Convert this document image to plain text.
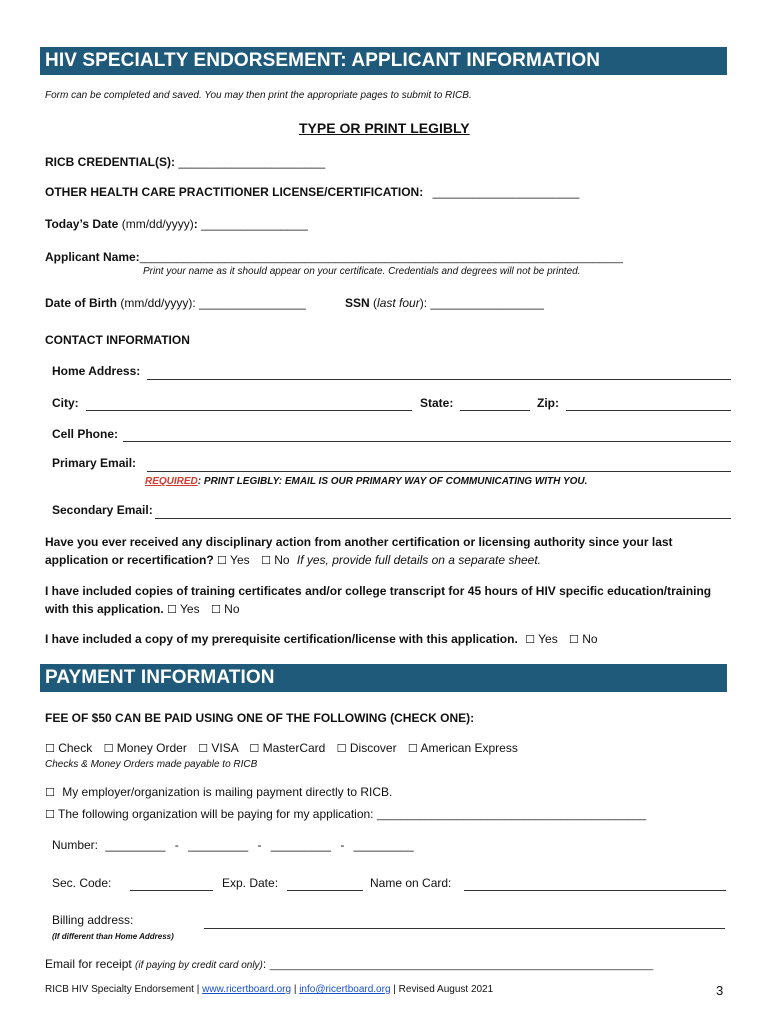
HIV SPECIALTY ENDORSEMENT: APPLICANT INFORMATION
Form can be completed and saved. You may then print the appropriate pages to submit to RICB.
TYPE OR PRINT LEGIBLY
RICB CREDENTIAL(S): ______________________
OTHER HEALTH CARE PRACTITIONER LICENSE/CERTIFICATION: ______________________
Today’s Date (mm/dd/yyyy): ________________
Applicant Name:_______________________________________________________________________________
Print your name as it should appear on your certificate. Credentials and degrees will not be printed.
Date of Birth (mm/dd/yyyy): ________________	SSN (last four): _________________
CONTACT INFORMATION
Home Address:
City:	State:	Zip:
Cell Phone:
Primary Email:
REQUIRED: PRINT LEGIBLY: EMAIL IS OUR PRIMARY WAY OF COMMUNICATING WITH YOU.
Secondary Email:
Have you ever received any disciplinary action from another certification or licensing authority since your last
application or recertification? ☐ Yes ☐ No If yes, provide full details on a separate sheet.
I have included copies of training certificates and/or college transcript for 45 hours of HIV specific education/training
with this application. ☐ Yes ☐ No
I have included a copy of my prerequisite certification/license with this application. ☐ Yes ☐ No
PAYMENT INFORMATION
FEE OF $50 CAN BE PAID USING ONE OF THE FOLLOWING (CHECK ONE):
☐ Check ☐ Money Order ☐ VISA ☐ MasterCard ☐ Discover ☐ American Express
Checks & Money Orders made payable to RICB
☐ My employer/organization is mailing payment directly to RICB.
☐ The following organization will be paying for my application: ____________________________________________
Number: _________ - _________ - _________ - _________
Sec. Code:	Exp. Date:	Name on Card:
Billing address:
(If different than Home Address)
Email for receipt (if paying by credit card only): _____________________________________________________________________
RICB HIV Specialty Endorsement | www.ricertboard.org | info@ricertboard.org | Revised August 2021	3
